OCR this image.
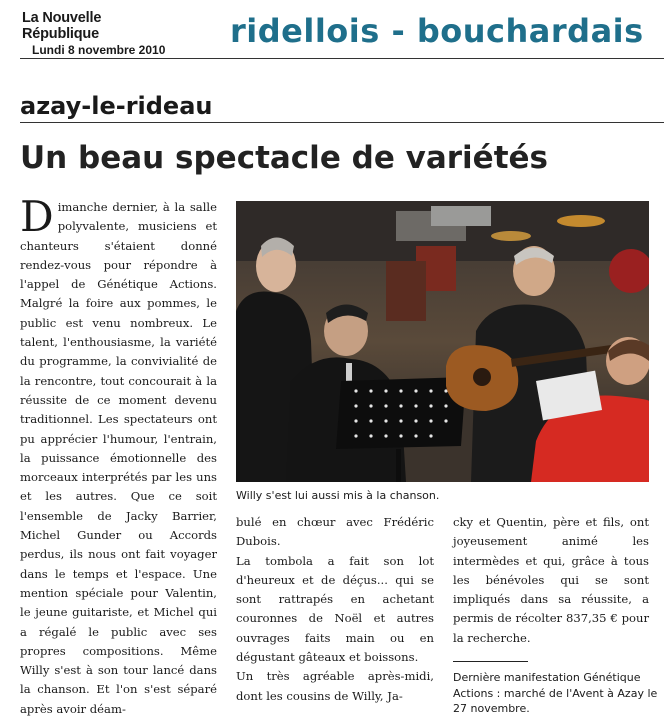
La Nouvelle République
Lundi 8 novembre 2010 ridellois - bouchardais
azay-le-rideau
Un beau spectacle de variétés

Dimanche dernier, à la salle polyvalente, musiciens et chanteurs s'étaient donné rendez-vous pour répondre à l'appel de Génétique Actions. Malgré la foire aux pommes, le public est venu nombreux. Le talent, l'enthousiasme, la variété du programme, la convivialité de la rencontre, tout concourait à la réussite de ce moment devenu traditionnel. Les spectateurs ont pu apprécier l'humour, l'entrain, la puissance émotionnelle des morceaux interprétés par les uns et les autres. Que ce soit l'ensemble de Jacky Barrier, Michel Gunder ou Accords perdus, ils nous ont fait voyager dans le temps et l'espace. Une mention spéciale pour Valentin, le jeune guitariste, et Michel qui a régalé le public avec ses propres compositions. Même Willy s'est à son tour lancé dans la chanson. Et l'on s'est séparé après avoir déam-

Willy s'est lui aussi mis à la chanson.

bulé en chœur avec Frédéric Dubois.

La tombola a fait son lot d'heureux et de déçus... qui se sont rattrapés en achetant couronnes de Noël et autres ouvrages faits main ou en dégustant gâteaux et boissons.

Un très agréable après-midi, dont les cousins de Willy, Ja-

cky et Quentin, père et fils, ont joyeusement animé les intermèdes et qui, grâce à tous les bénévoles qui se sont impliqués dans sa réussite, a permis de récolter 837,35 € pour la recherche.

Dernière manifestation Génétique Actions : marché de l'Avent à Azay le 27 novembre.
